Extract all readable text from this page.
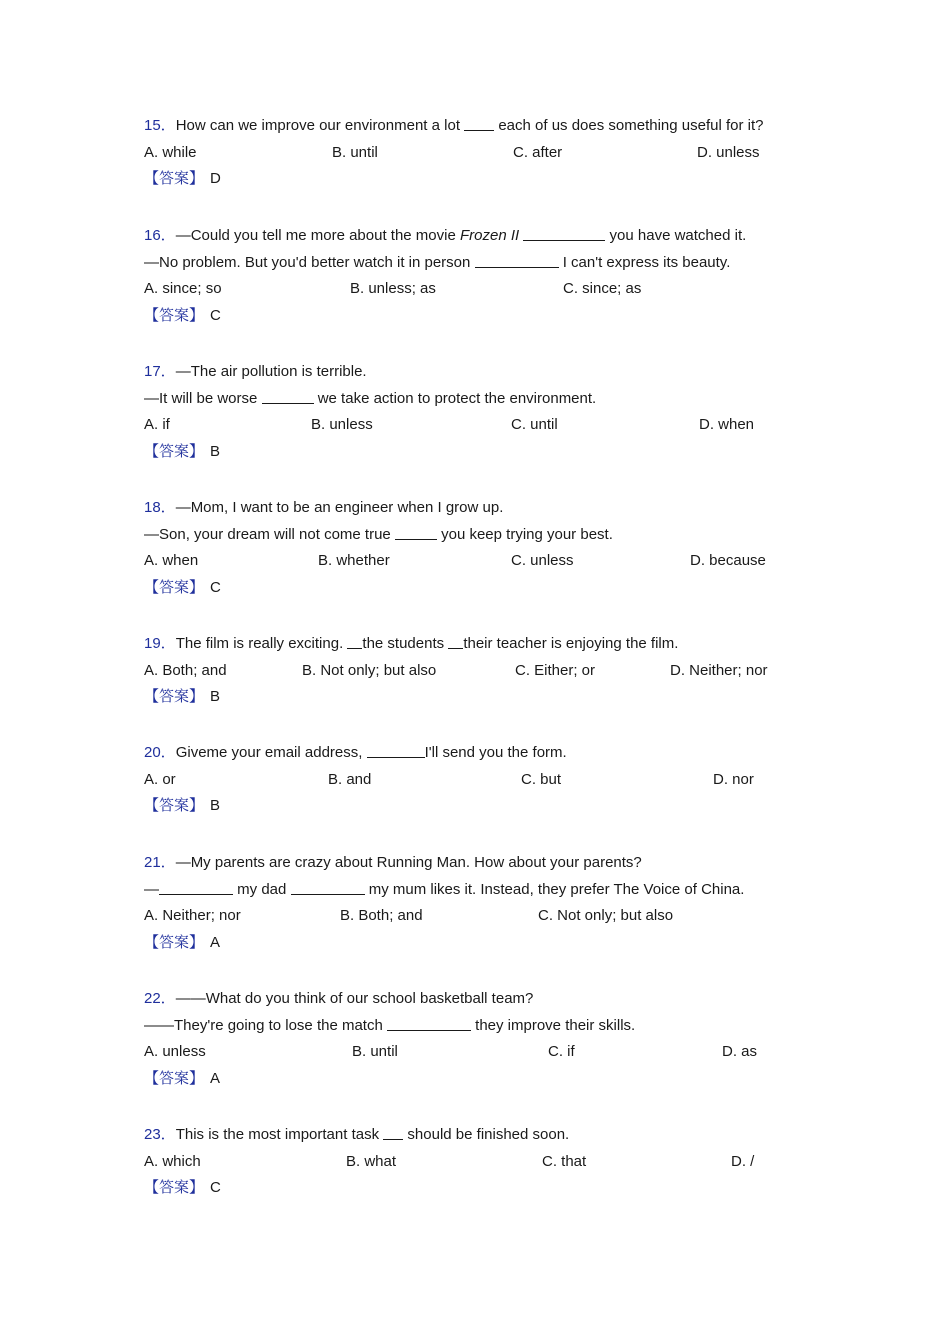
15．How can we improve our environment a lot  each of us does something useful for it?
A. while	B. until	C. after	D. unless
【答案】 D
16．—Could you tell me more about the movie Frozen II	you have watched it.
—No problem. But you'd better watch it in person	I can't express its beauty.
A. since; so	B. unless; as	C. since; as
【答案】 C
17．—The air pollution is terrible.
—It will be worse	we take action to protect the environment.
A. if	B. unless	C. until	D. when
【答案】 B
18．—Mom, I want to be an engineer when I grow up.
—Son, your dream will not come true	you keep trying your best.
A. when	B. whether	C. unless	D. because
【答案】 C
19．The film is really exciting. the students their teacher is enjoying the film.
A. Both; and	B. Not only; but also	C. Either; or	D. Neither; nor
【答案】 B
20．Giveme your email address,	I'll send you the form.
A. or	B. and	C. but	D. nor
【答案】 B
21．—My parents are crazy about Running Man. How about your parents?
—	my dad	my mum likes it. Instead, they prefer The Voice of China.
A. Neither; nor	B. Both; and	C. Not only; but also
【答案】 A
22．——What do you think of our school basketball team?
——They're going to lose the match	they improve their skills.
A. unless	B. until	C. if	D. as
【答案】 A
23．This is the most important task  should be finished soon.
A. which	B. what	C. that	D. /
【答案】 C
